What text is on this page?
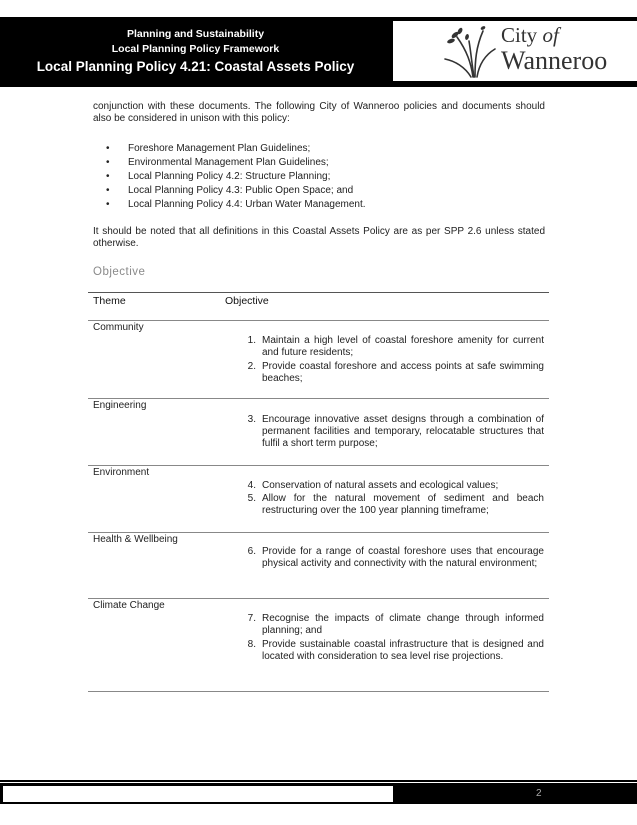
Planning and Sustainability
Local Planning Policy Framework
Local Planning Policy 4.21: Coastal Assets Policy
City of
Wanneroo

conjunction with these documents. The following City of Wanneroo policies and documents should also be considered in unison with this policy:

• Foreshore Management Plan Guidelines;
• Environmental Management Plan Guidelines;
• Local Planning Policy 4.2: Structure Planning;
• Local Planning Policy 4.3: Public Open Space; and
• Local Planning Policy 4.4: Urban Water Management.

It should be noted that all definitions in this Coastal Assets Policy are as per SPP 2.6 unless stated otherwise.

Objective
Theme	Objective
Community
1. Maintain a high level of coastal foreshore amenity for current and future residents;
2. Provide coastal foreshore and access points at safe swimming beaches;
Engineering
3. Encourage innovative asset designs through a combination of permanent facilities and temporary, relocatable structures that fulfil a short term purpose;
Environment
4. Conservation of natural assets and ecological values;
5. Allow for the natural movement of sediment and beach restructuring over the 100 year planning timeframe;
Health & Wellbeing
6. Provide for a range of coastal foreshore uses that encourage physical activity and connectivity with the natural environment;
Climate Change
7. Recognise the impacts of climate change through informed planning; and
8. Provide sustainable coastal infrastructure that is designed and located with consideration to sea level rise projections.
2
